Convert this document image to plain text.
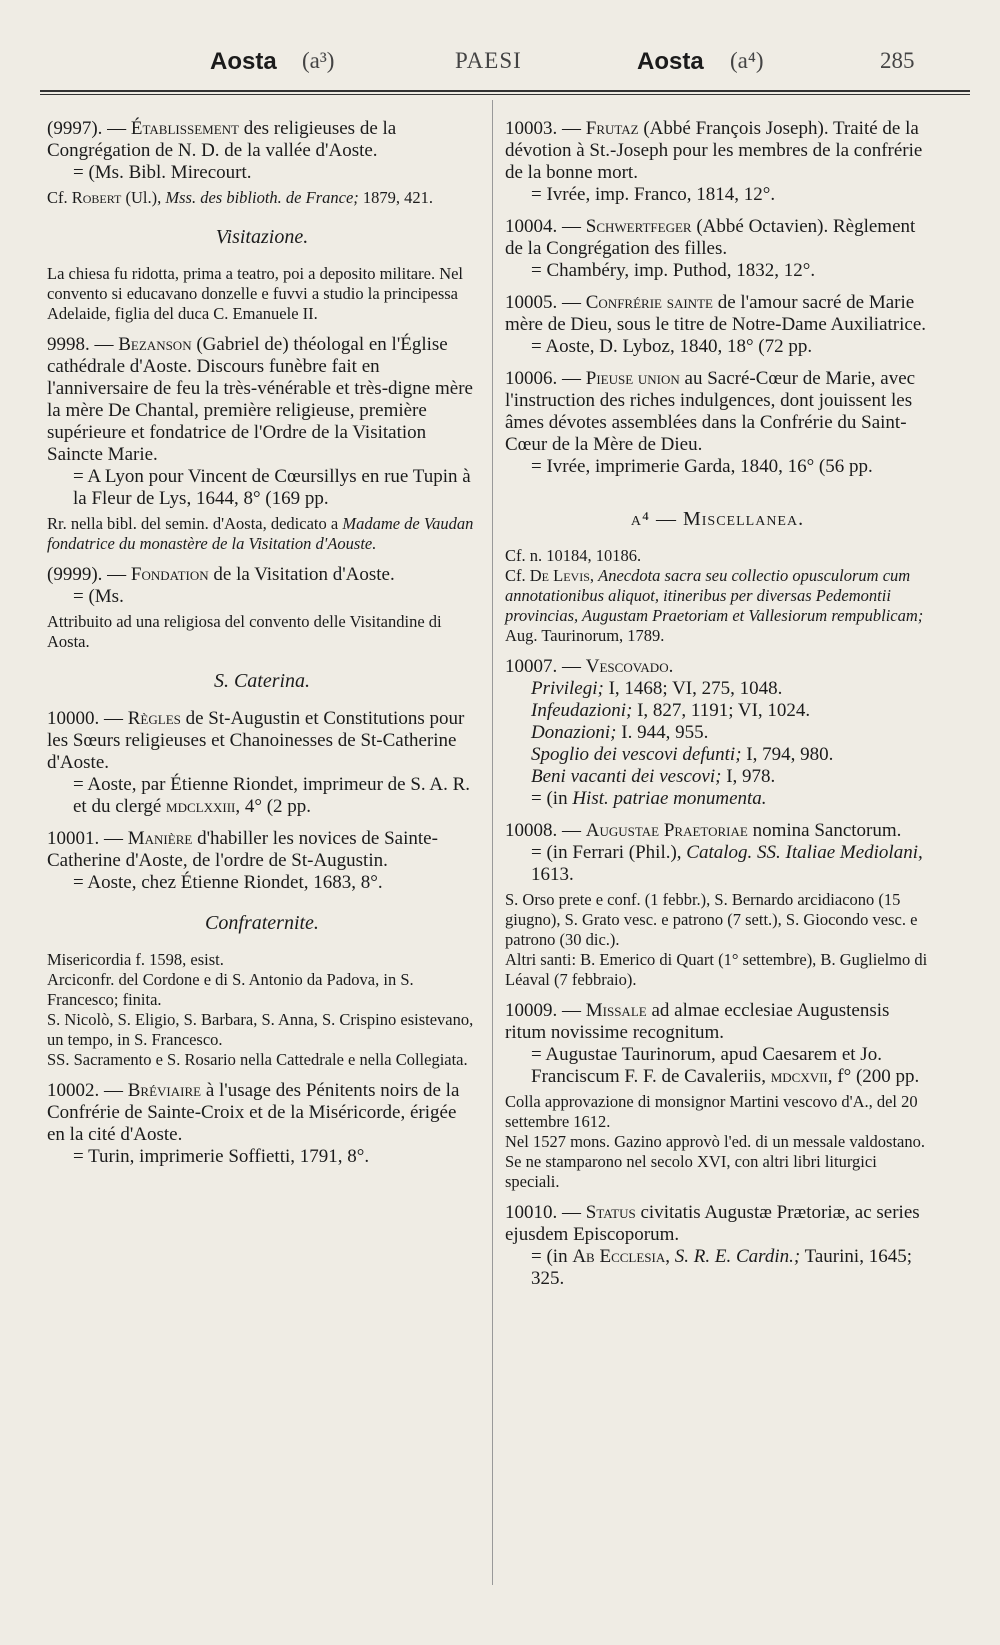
Aosta (a³)	PAESI	Aosta (a⁴)	285

(9997). — Établissement des religieuses de la Congrégation de N. D. de la vallée d'Aoste.

= (Ms. Bibl. Mirecourt.

Cf. Robert (Ul.), Mss. des biblioth. de France; 1879, 421.

Visitazione.

La chiesa fu ridotta, prima a teatro, poi a deposito militare. Nel convento si educavano donzelle e fuvvi a studio la principessa Adelaide, figlia del duca C. Emanuele II.

9998. — Bezanson (Gabriel de) théologal en l'Église cathédrale d'Aoste. Discours funèbre fait en l'anniversaire de feu la très-vénérable et très-digne mère la mère De Chantal, première religieuse, première supérieure et fondatrice de l'Ordre de la Visitation Saincte Marie.

= A Lyon pour Vincent de Cœursillys en rue Tupin à la Fleur de Lys, 1644, 8° (169 pp.

Rr. nella bibl. del semin. d'Aosta, dedicato a Madame de Vaudan fondatrice du monastère de la Visitation d'Aouste.

(9999). — Fondation de la Visitation d'Aoste.

= (Ms.

Attribuito ad una religiosa del convento delle Visitandine di Aosta.

S. Caterina.

10000. — Règles de St-Augustin et Constitutions pour les Sœurs religieuses et Chanoinesses de St-Catherine d'Aoste.

= Aoste, par Étienne Riondet, imprimeur de S. A. R. et du clergé mdclxxiii, 4° (2 pp.

10001. — Manière d'habiller les novices de Sainte-Catherine d'Aoste, de l'ordre de St-Augustin.

= Aoste, chez Étienne Riondet, 1683, 8°.

Confraternite.

Misericordia f. 1598, esist.

Arciconfr. del Cordone e di S. Antonio da Padova, in S. Francesco; finita.

S. Nicolò, S. Eligio, S. Barbara, S. Anna, S. Crispino esistevano, un tempo, in S. Francesco.

SS. Sacramento e S. Rosario nella Cattedrale e nella Collegiata.

10002. — Bréviaire à l'usage des Pénitents noirs de la Confrérie de Sainte-Croix et de la Miséricorde, érigée en la cité d'Aoste.

= Turin, imprimerie Soffietti, 1791, 8°.

10003. — Frutaz (Abbé François Joseph). Traité de la dévotion à St.-Joseph pour les membres de la confrérie de la bonne mort.

= Ivrée, imp. Franco, 1814, 12°.

10004. — Schwertfeger (Abbé Octavien). Règlement de la Congrégation des filles.

= Chambéry, imp. Puthod, 1832, 12°.

10005. — Confrérie sainte de l'amour sacré de Marie mère de Dieu, sous le titre de Notre-Dame Auxiliatrice.

= Aoste, D. Lyboz, 1840, 18° (72 pp.

10006. — Pieuse union au Sacré-Cœur de Marie, avec l'instruction des riches indulgences, dont jouissent les âmes dévotes assemblées dans la Confrérie du Saint-Cœur de la Mère de Dieu.

= Ivrée, imprimerie Garda, 1840, 16° (56 pp.

a⁴ — Miscellanea.

Cf. n. 10184, 10186.

Cf. De Levis, Anecdota sacra seu collectio opusculorum cum annotationibus aliquot, itineribus per diversas Pedemontii provincias, Augustam Praetoriam et Vallesiorum rempublicam; Aug. Taurinorum, 1789.

10007. — Vescovado.

Privilegi; I, 1468; VI, 275, 1048.

Infeudazioni; I, 827, 1191; VI, 1024.

Donazioni; I. 944, 955.

Spoglio dei vescovi defunti; I, 794, 980.

Beni vacanti dei vescovi; I, 978.

= (in Hist. patriae monumenta.

10008. — Augustae Praetoriae nomina Sanctorum.

= (in Ferrari (Phil.), Catalog. SS. Italiae Mediolani, 1613.

S. Orso prete e conf. (1 febbr.), S. Bernardo arcidiacono (15 giugno), S. Grato vesc. e patrono (7 sett.), S. Giocondo vesc. e patrono (30 dic.).

Altri santi: B. Emerico di Quart (1° settembre), B. Guglielmo di Léaval (7 febbraio).

10009. — Missale ad almae ecclesiae Augustensis ritum novissime recognitum.

= Augustae Taurinorum, apud Caesarem et Jo. Franciscum F. F. de Cavaleriis, mdcxvii, f° (200 pp.

Colla approvazione di monsignor Martini vescovo d'A., del 20 settembre 1612.

Nel 1527 mons. Gazino approvò l'ed. di un messale valdostano. Se ne stamparono nel secolo XVI, con altri libri liturgici speciali.

10010. — Status civitatis Augustæ Prætoriæ, ac series ejusdem Episcoporum.

= (in Ab Ecclesia, S. R. E. Cardin.; Taurini, 1645; 325.
